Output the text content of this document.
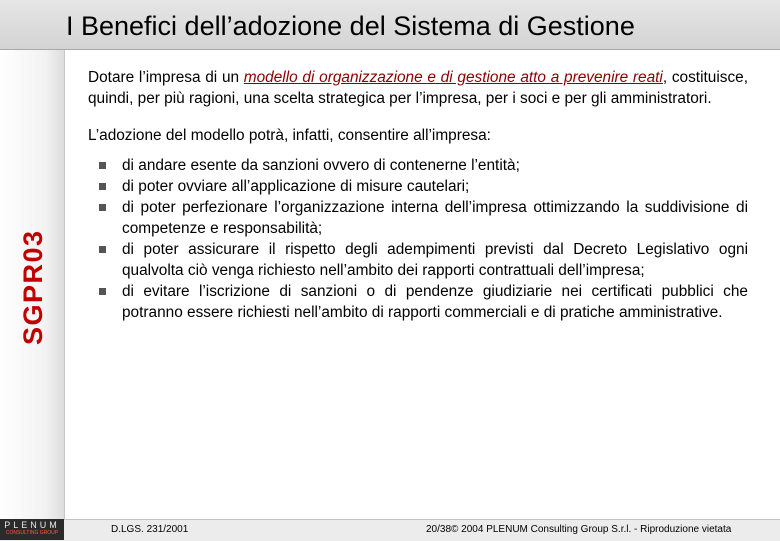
I Benefici dell’adozione del Sistema di Gestione
SGPR03

Dotare l’impresa di un modello di organizzazione e di gestione atto a prevenire reati, costituisce, quindi, per più ragioni, una scelta strategica per l’impresa, per i soci e per gli amministratori.

L’adozione del modello potrà, infatti, consentire all’impresa:

di andare esente da sanzioni ovvero di contenerne l’entità;
di poter ovviare all’applicazione di misure cautelari;
di poter perfezionare l’organizzazione interna dell’impresa ottimizzando la suddivisione di competenze e responsabilità;
di poter assicurare il rispetto degli adempimenti previsti dal Decreto Legislativo ogni qualvolta ciò venga richiesto nell’ambito dei rapporti contrattuali dell’impresa;
di evitare l’iscrizione di sanzioni o di pendenze giudiziarie nei certificati pubblici che potranno essere richiesti nell’ambito di rapporti commerciali e di pratiche amministrative.
PLENUM
CONSULTING GROUP	D.LGS. 231/2001	20/38© 2004 PLENUM Consulting Group S.r.l. - Riproduzione vietata
